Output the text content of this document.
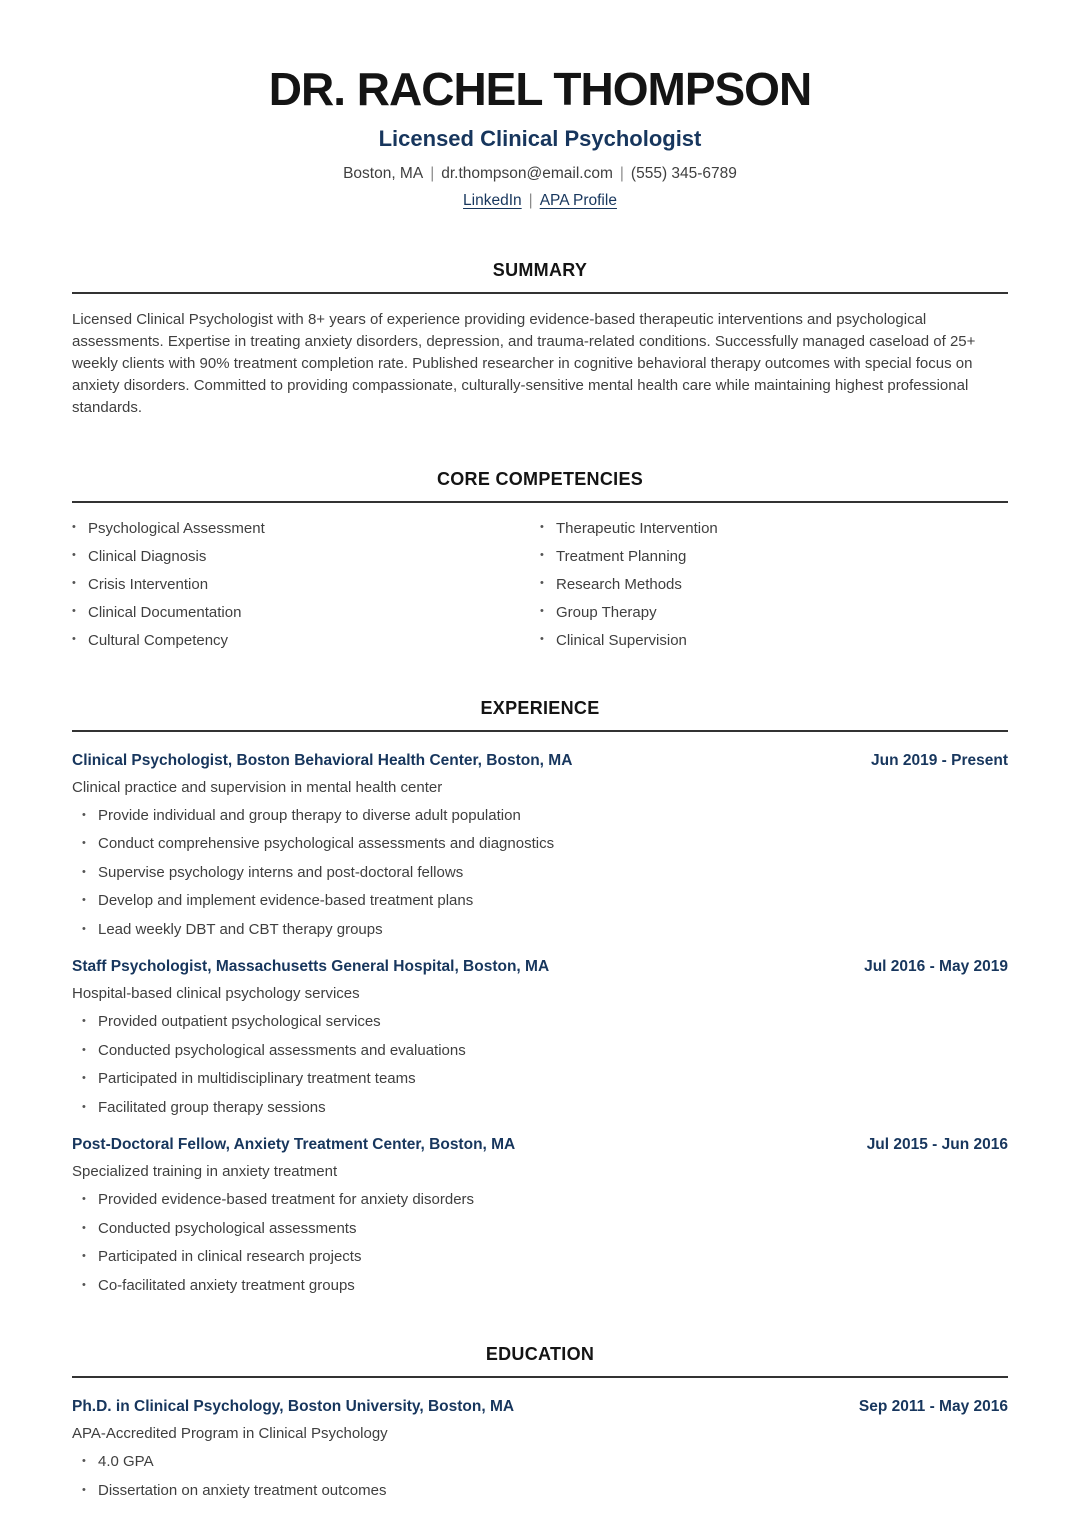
DR. RACHEL THOMPSON
Licensed Clinical Psychologist
Boston, MA | dr.thompson@email.com | (555) 345-6789
LinkedIn | APA Profile
SUMMARY

Licensed Clinical Psychologist with 8+ years of experience providing evidence-based therapeutic interventions and psychological assessments. Expertise in treating anxiety disorders, depression, and trauma-related conditions. Successfully managed caseload of 25+ weekly clients with 90% treatment completion rate. Published researcher in cognitive behavioral therapy outcomes with special focus on anxiety disorders. Committed to providing compassionate, culturally-sensitive mental health care while maintaining highest professional standards.

CORE COMPETENCIES
• Psychological Assessment
• Clinical Diagnosis
• Crisis Intervention
• Clinical Documentation
• Cultural Competency
• Therapeutic Intervention
• Treatment Planning
• Research Methods
• Group Therapy
• Clinical Supervision
EXPERIENCE
Clinical Psychologist, Boston Behavioral Health Center, Boston, MA	Jun 2019 - Present
Clinical practice and supervision in mental health center
• Provide individual and group therapy to diverse adult population
• Conduct comprehensive psychological assessments and diagnostics
• Supervise psychology interns and post-doctoral fellows
• Develop and implement evidence-based treatment plans
• Lead weekly DBT and CBT therapy groups
Staff Psychologist, Massachusetts General Hospital, Boston, MA	Jul 2016 - May 2019
Hospital-based clinical psychology services
• Provided outpatient psychological services
• Conducted psychological assessments and evaluations
• Participated in multidisciplinary treatment teams
• Facilitated group therapy sessions
Post-Doctoral Fellow, Anxiety Treatment Center, Boston, MA	Jul 2015 - Jun 2016
Specialized training in anxiety treatment
• Provided evidence-based treatment for anxiety disorders
• Conducted psychological assessments
• Participated in clinical research projects
• Co-facilitated anxiety treatment groups
EDUCATION
Ph.D. in Clinical Psychology, Boston University, Boston, MA	Sep 2011 - May 2016
APA-Accredited Program in Clinical Psychology
• 4.0 GPA
• Dissertation on anxiety treatment outcomes
